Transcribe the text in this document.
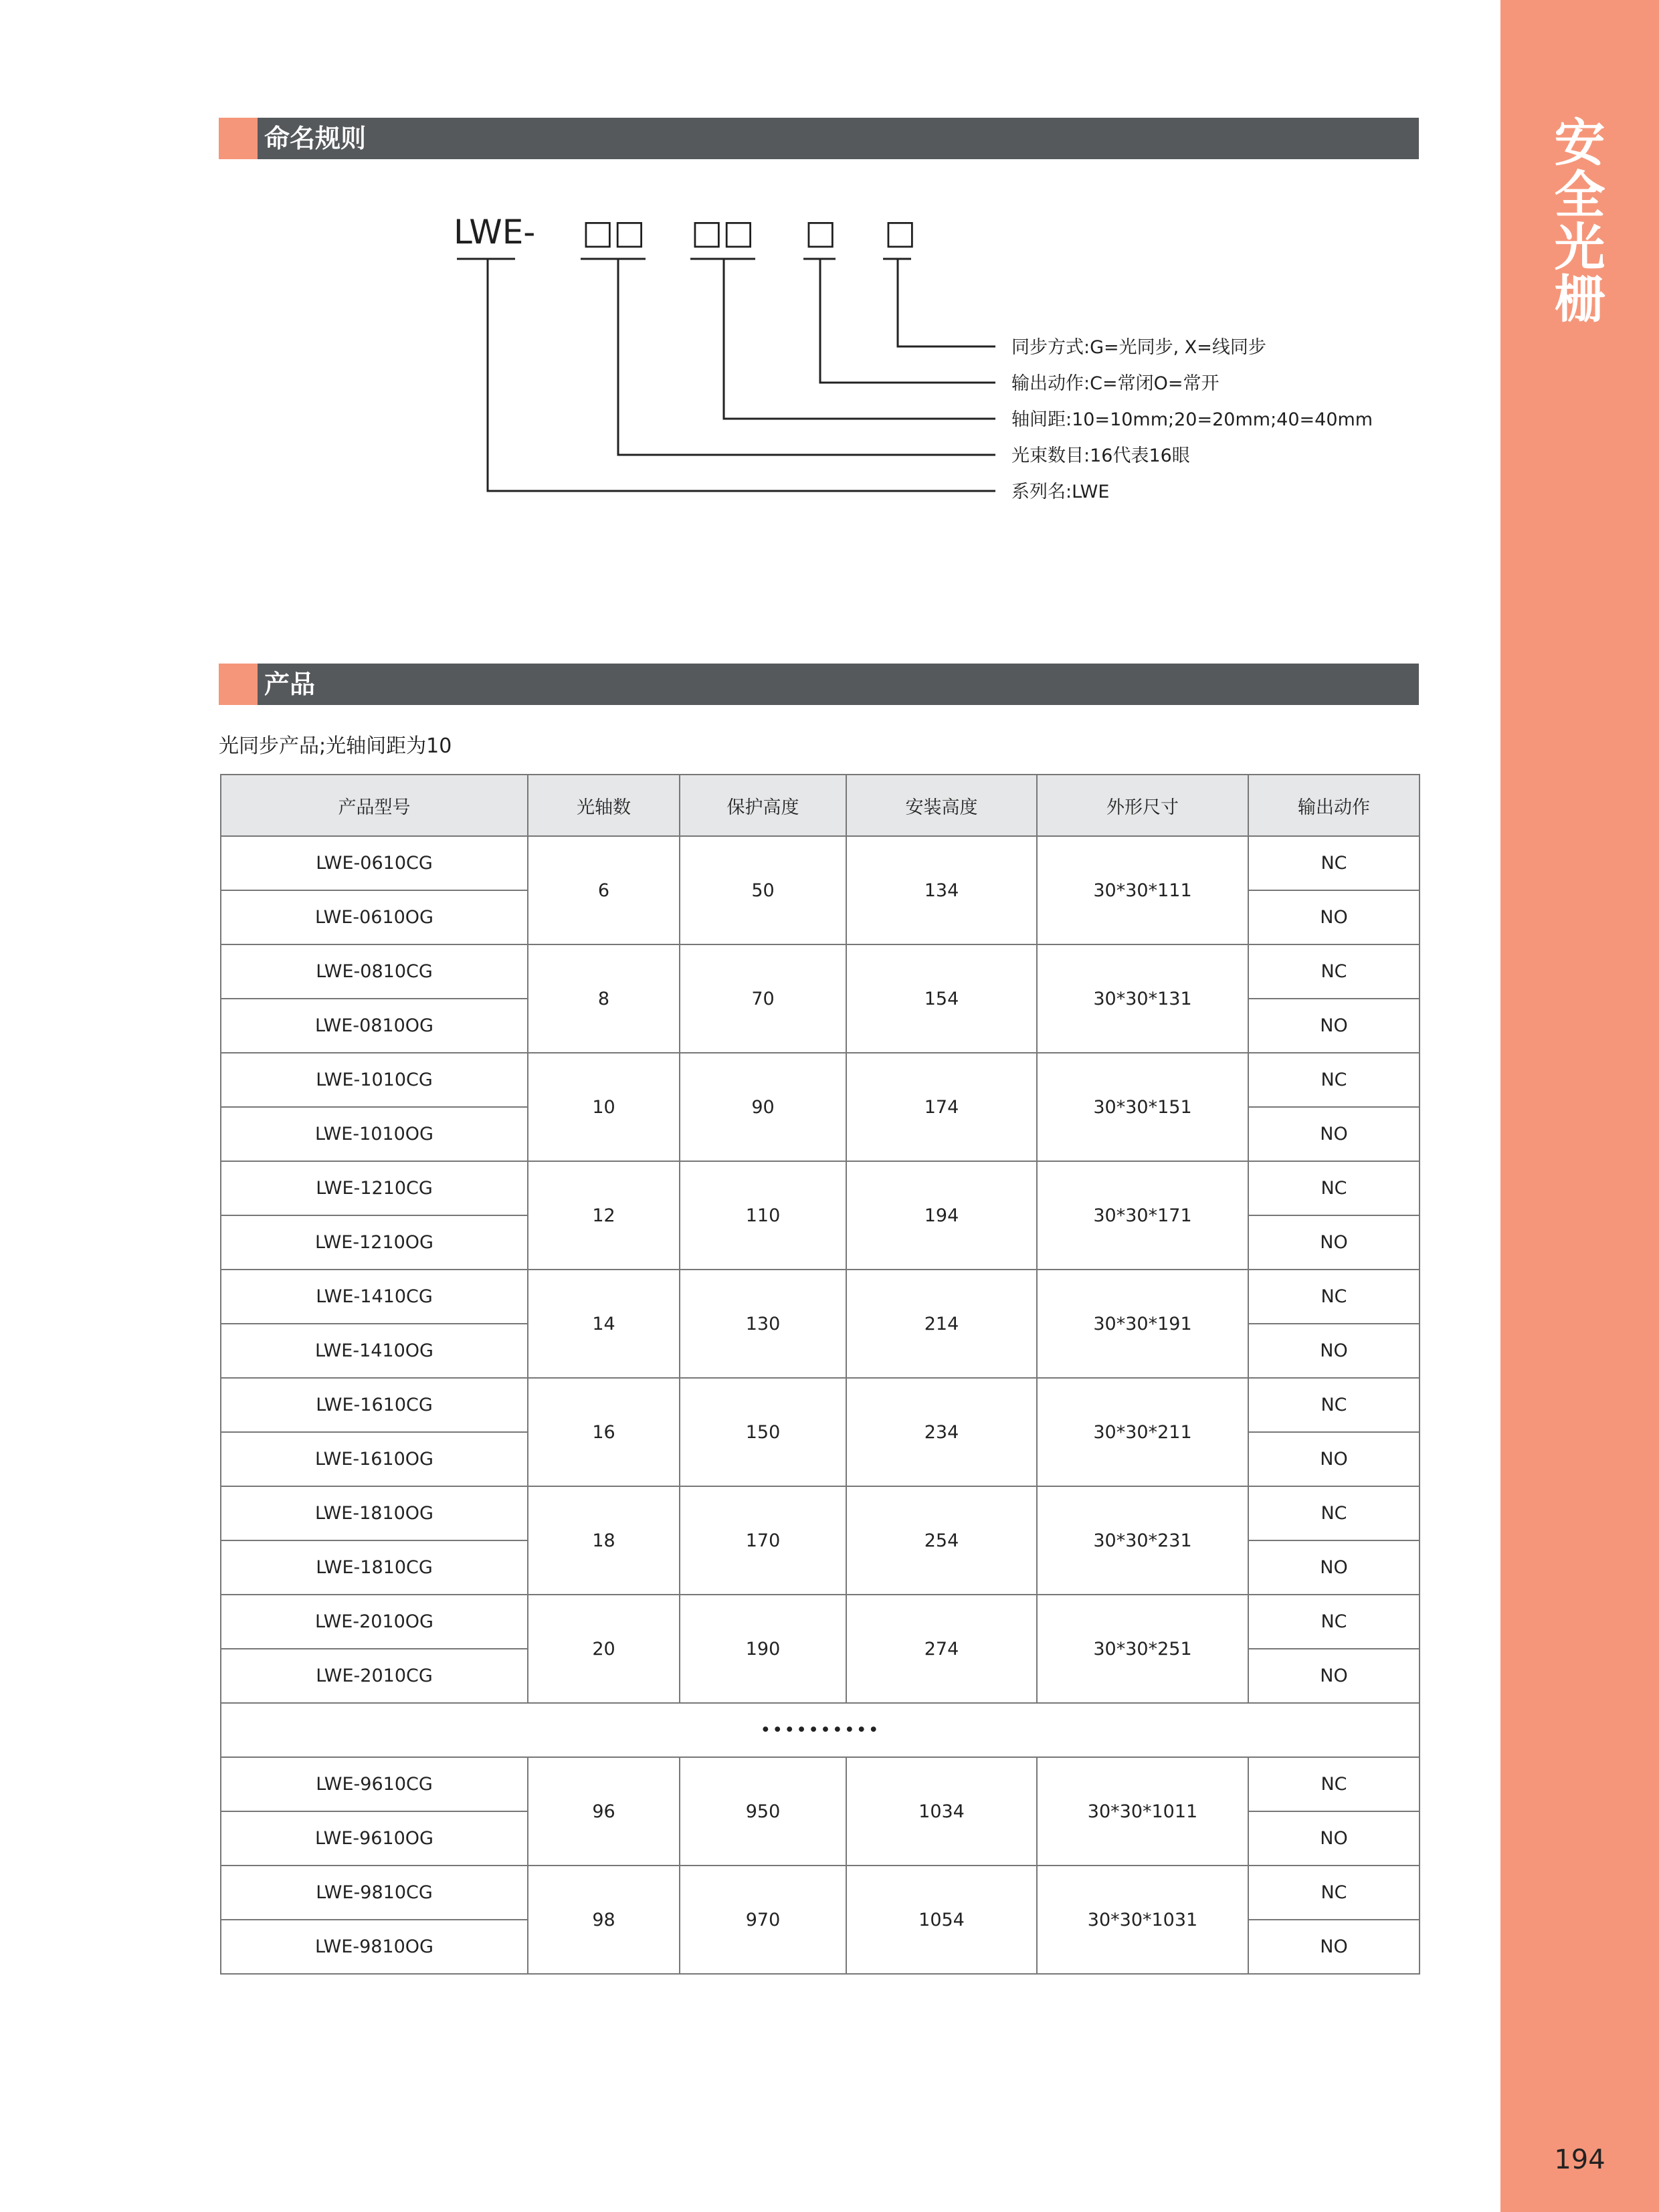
安
全
光
栅
194
命名规则
LWE- □□ □□ □ □
同步方式:G=光同步, X=线同步
输出动作:C=常闭O=常开
轴间距:10=10mm;20=20mm;40=40mm
光束数目:16代表16眼
系列名:LWE
产品
光同步产品;光轴间距为10
产品型号	光轴数	保护高度	安装高度	外形尺寸	输出动作
LWE-0610CG	6	50	134	30*30*111	NC
LWE-0610OG					NO
LWE-0810CG	8	70	154	30*30*131	NC
LWE-0810OG					NO
LWE-1010CG	10	90	174	30*30*151	NC
LWE-1010OG					NO
LWE-1210CG	12	110	194	30*30*171	NC
LWE-1210OG					NO
LWE-1410CG	14	130	214	30*30*191	NC
LWE-1410OG					NO
LWE-1610CG	16	150	234	30*30*211	NC
LWE-1610OG					NO
LWE-1810OG	18	170	254	30*30*231	NC
LWE-1810CG					NO
LWE-2010OG	20	190	274	30*30*251	NC
LWE-2010CG					NO
••••••••••					
LWE-9610CG	96	950	1034	30*30*1011	NC
LWE-9610OG					NO
LWE-9810CG	98	970	1054	30*30*1031	NC
LWE-9810OG					NO
